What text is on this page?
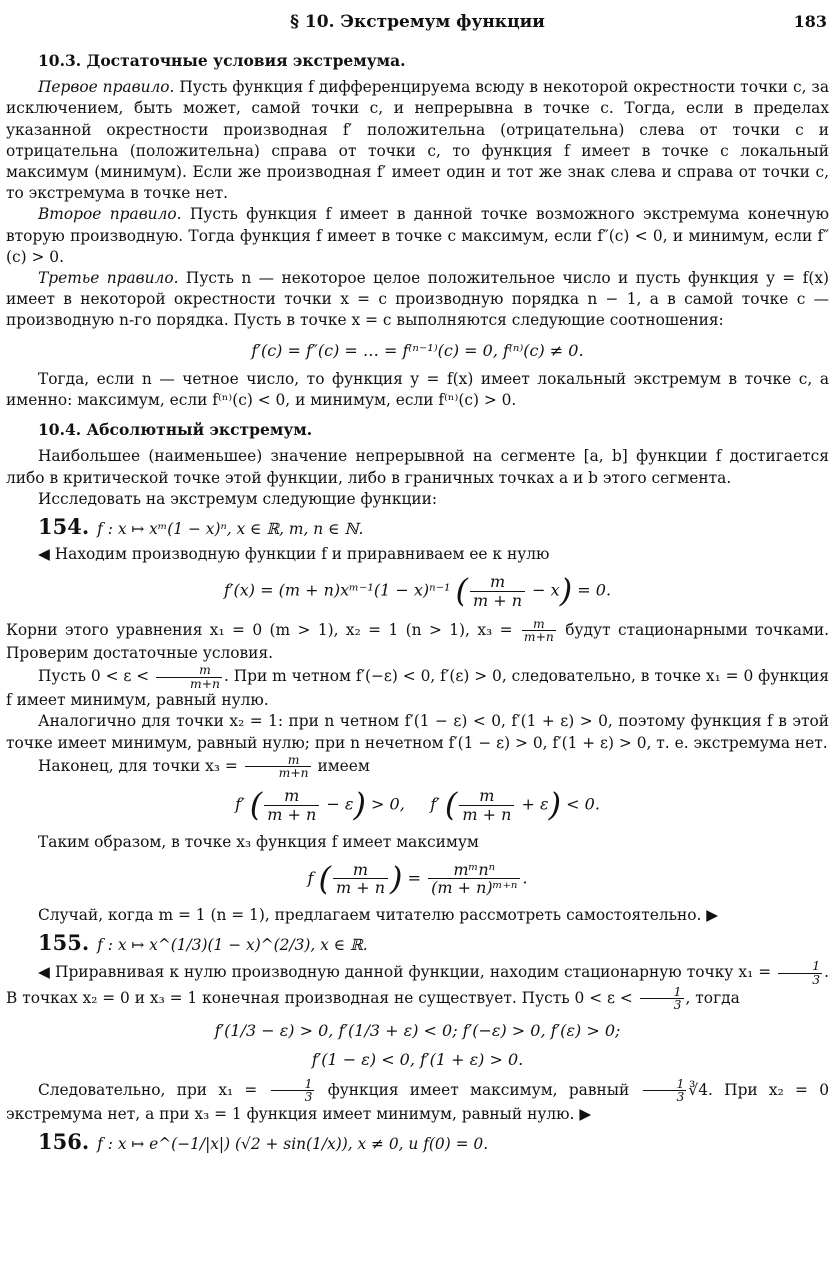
§ 10. Экстремум функции	183
10.3. Достаточные условия экстремума.

Первое правило. Пусть функция f дифференцируема всюду в некоторой окрестности точки c, за исключением, быть может, самой точки c, и непрерывна в точке c. Тогда, если в пределах указанной окрестности производная f′ положительна (отрицательна) слева от точки c и отрицательна (положительна) справа от точки c, то функция f имеет в точке c локальный максимум (минимум). Если же производная f′ имеет один и тот же знак слева и справа от точки c, то экстремума в точке нет.

Второе правило. Пусть функция f имеет в данной точке возможного экстремума конечную вторую производную. Тогда функция f имеет в точке c максимум, если f″(c) < 0, и минимум, если f″(c) > 0.

Третье правило. Пусть n — некоторое целое положительное число и пусть функция y = f(x) имеет в некоторой окрестности точки x = c производную порядка n − 1, а в самой точке c — производную n-го порядка. Пусть в точке x = c выполняются следующие соотношения:

f′(c) = f″(c) = … = f⁽ⁿ⁻¹⁾(c) = 0, f⁽ⁿ⁾(c) ≠ 0.

Тогда, если n — четное число, то функция y = f(x) имеет локальный экстремум в точке c, а именно: максимум, если f⁽ⁿ⁾(c) < 0, и минимум, если f⁽ⁿ⁾(c) > 0.

10.4. Абсолютный экстремум.

Наибольшее (наименьшее) значение непрерывной на сегменте [a, b] функции f достигается либо в критической точке этой функции, либо в граничных точках a и b этого сегмента.

Исследовать на экстремум следующие функции:

154. f : x ↦ xᵐ(1 − x)ⁿ, x ∈ ℝ, m, n ∈ ℕ.

◀ Находим производную функции f и приравниваем ее к нулю

f′(x) = (m + n)xᵐ⁻¹(1 − x)ⁿ⁻¹ ( $\frac{m}{m + n} - x) = 0$.

Корни этого уравнения x₁ = 0 (m > 1), x₂ = 1 (n > 1), $x_3 = \frac{m}{m+n}$ будут стационарными точками. Проверим достаточные условия.

Пусть $0 < \varepsilon < \frac{m}{m+n}$ . При m четном f′(−ε) < 0, f′(ε) > 0, следовательно, в точке x₁ = 0 функция f имеет минимум, равный нулю.

Аналогично для точки x₂ = 1: при n четном f′(1 − ε) < 0, f′(1 + ε) > 0, поэтому функция f в этой точке имеет минимум, равный нулю; при n нечетном f′(1 − ε) > 0, f′(1 + ε) > 0, т. е. экстремума нет.

Наконец, для точки $x_3 = \frac{m}{m+n}$ имеем

f′ ( $\frac{m}{m + n} - \varepsilon) > 0$, f′ ( $\frac{m}{m + n} + \varepsilon) < 0$.

Таким образом, в точке x₃ функция f имеет максимум

f ( $\frac{m}{m + n}$ ) =	mᵐnⁿ
(m + n)ᵐ⁺ⁿ
.

Случай, когда m = 1 (n = 1), предлагаем читателю рассмотреть самостоятельно. ▶

155. f : x ↦ x^(1/3)(1 − x)^(2/3), x ∈ ℝ.

◀ Приравнивая к нулю производную данной функции, находим стационарную точку $x_1 = \frac{1}{3}$ . В точках x₂ = 0 и x₃ = 1 конечная производная не существует. Пусть $0 < \varepsilon < \frac{1}{3}$ , тогда

f′(1/3 − ε) > 0, f′(1/3 + ε) < 0; f′(−ε) > 0, f′(ε) > 0;
f′(1 − ε) < 0, f′(1 + ε) > 0.

Следовательно, при $x_1 = \frac{1}{3}$ функция имеет максимум, равный $\frac{1}{3}$ ∛4. При x₂ = 0 экстремума нет, а при x₃ = 1 функция имеет минимум, равный нулю. ▶

156. f : x ↦ e^(−1/|x|) (√2 + sin(1/x)), x ≠ 0, и f(0) = 0.
